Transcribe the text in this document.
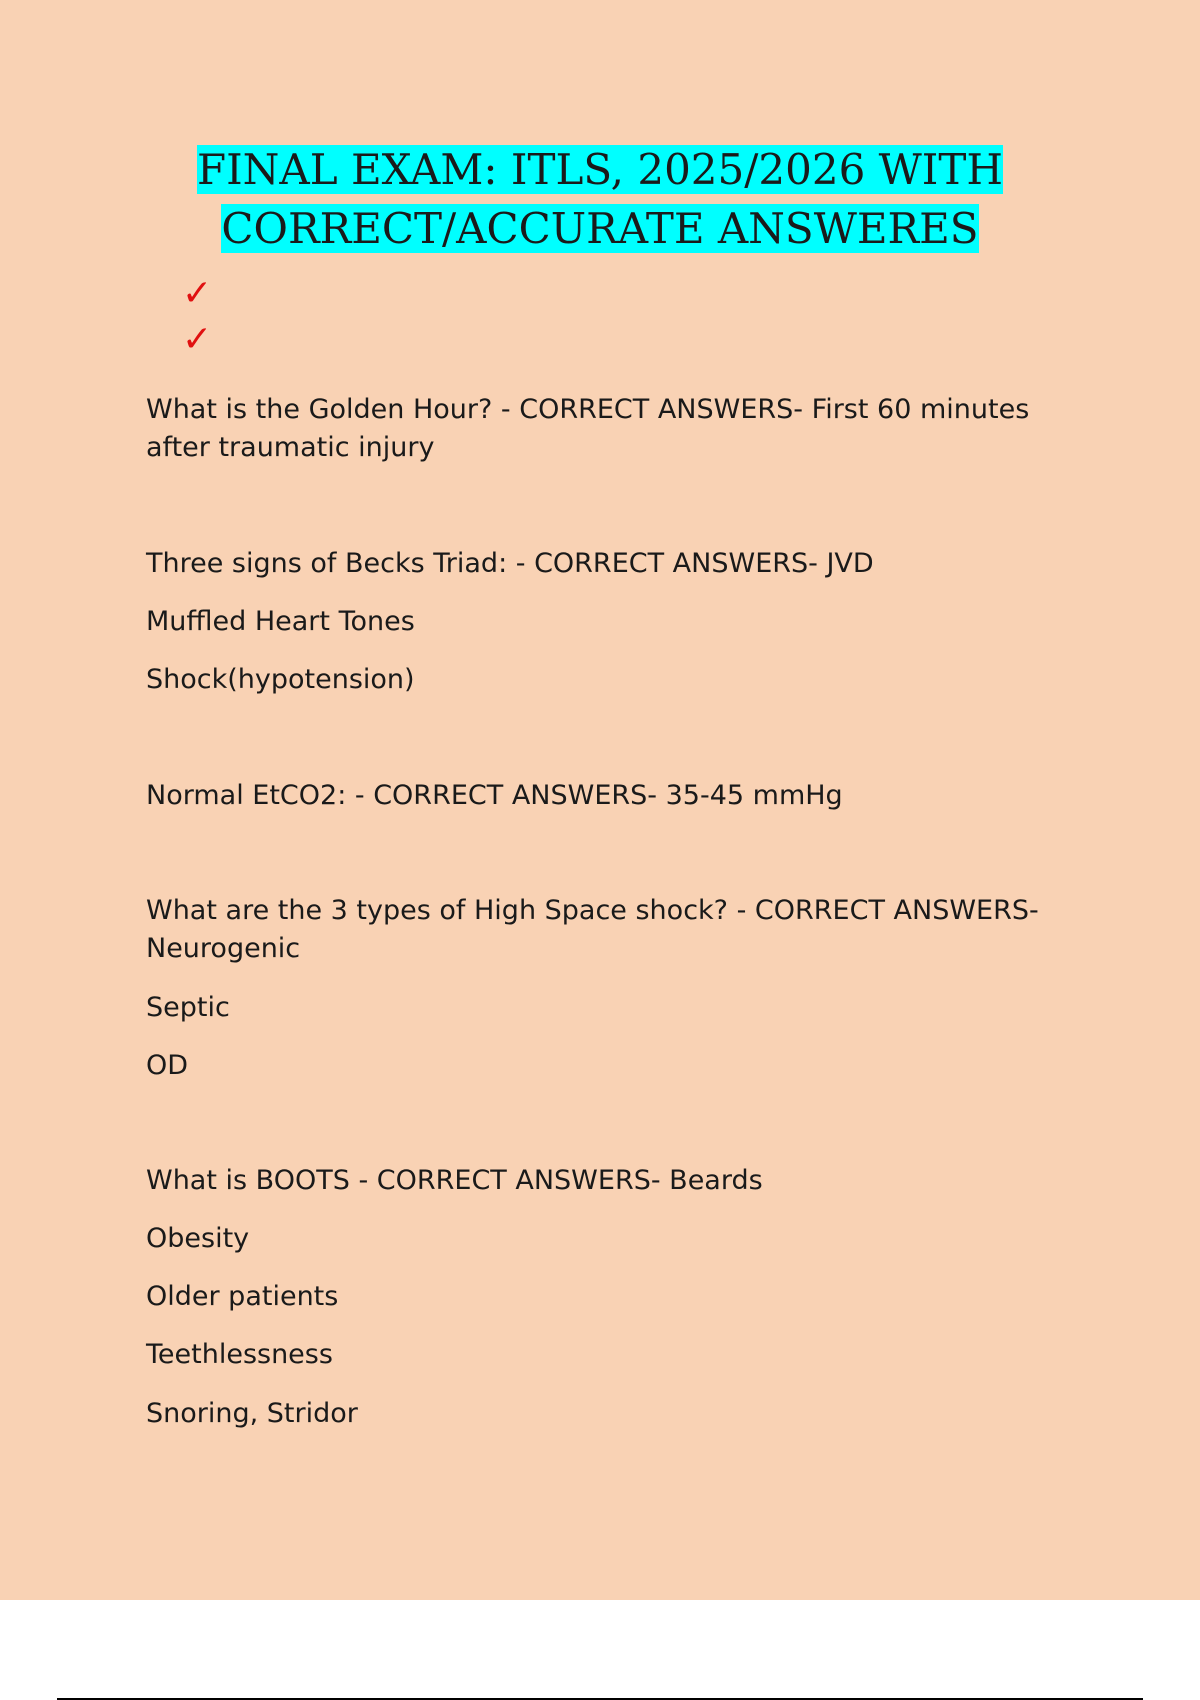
FINAL EXAM: ITLS, 2025/2026 WITH
CORRECT/ACCURATE ANSWERES
✓
✓
What is the Golden Hour? - CORRECT ANSWERS- First 60 minutes
after traumatic injury
Three signs of Becks Triad: - CORRECT ANSWERS- JVD
Muffled Heart Tones
Shock(hypotension)
Normal EtCO2: - CORRECT ANSWERS- 35-45 mmHg
What are the 3 types of High Space shock? - CORRECT ANSWERS-
Neurogenic
Septic
OD
What is BOOTS - CORRECT ANSWERS- Beards
Obesity
Older patients
Teethlessness
Snoring, Stridor
